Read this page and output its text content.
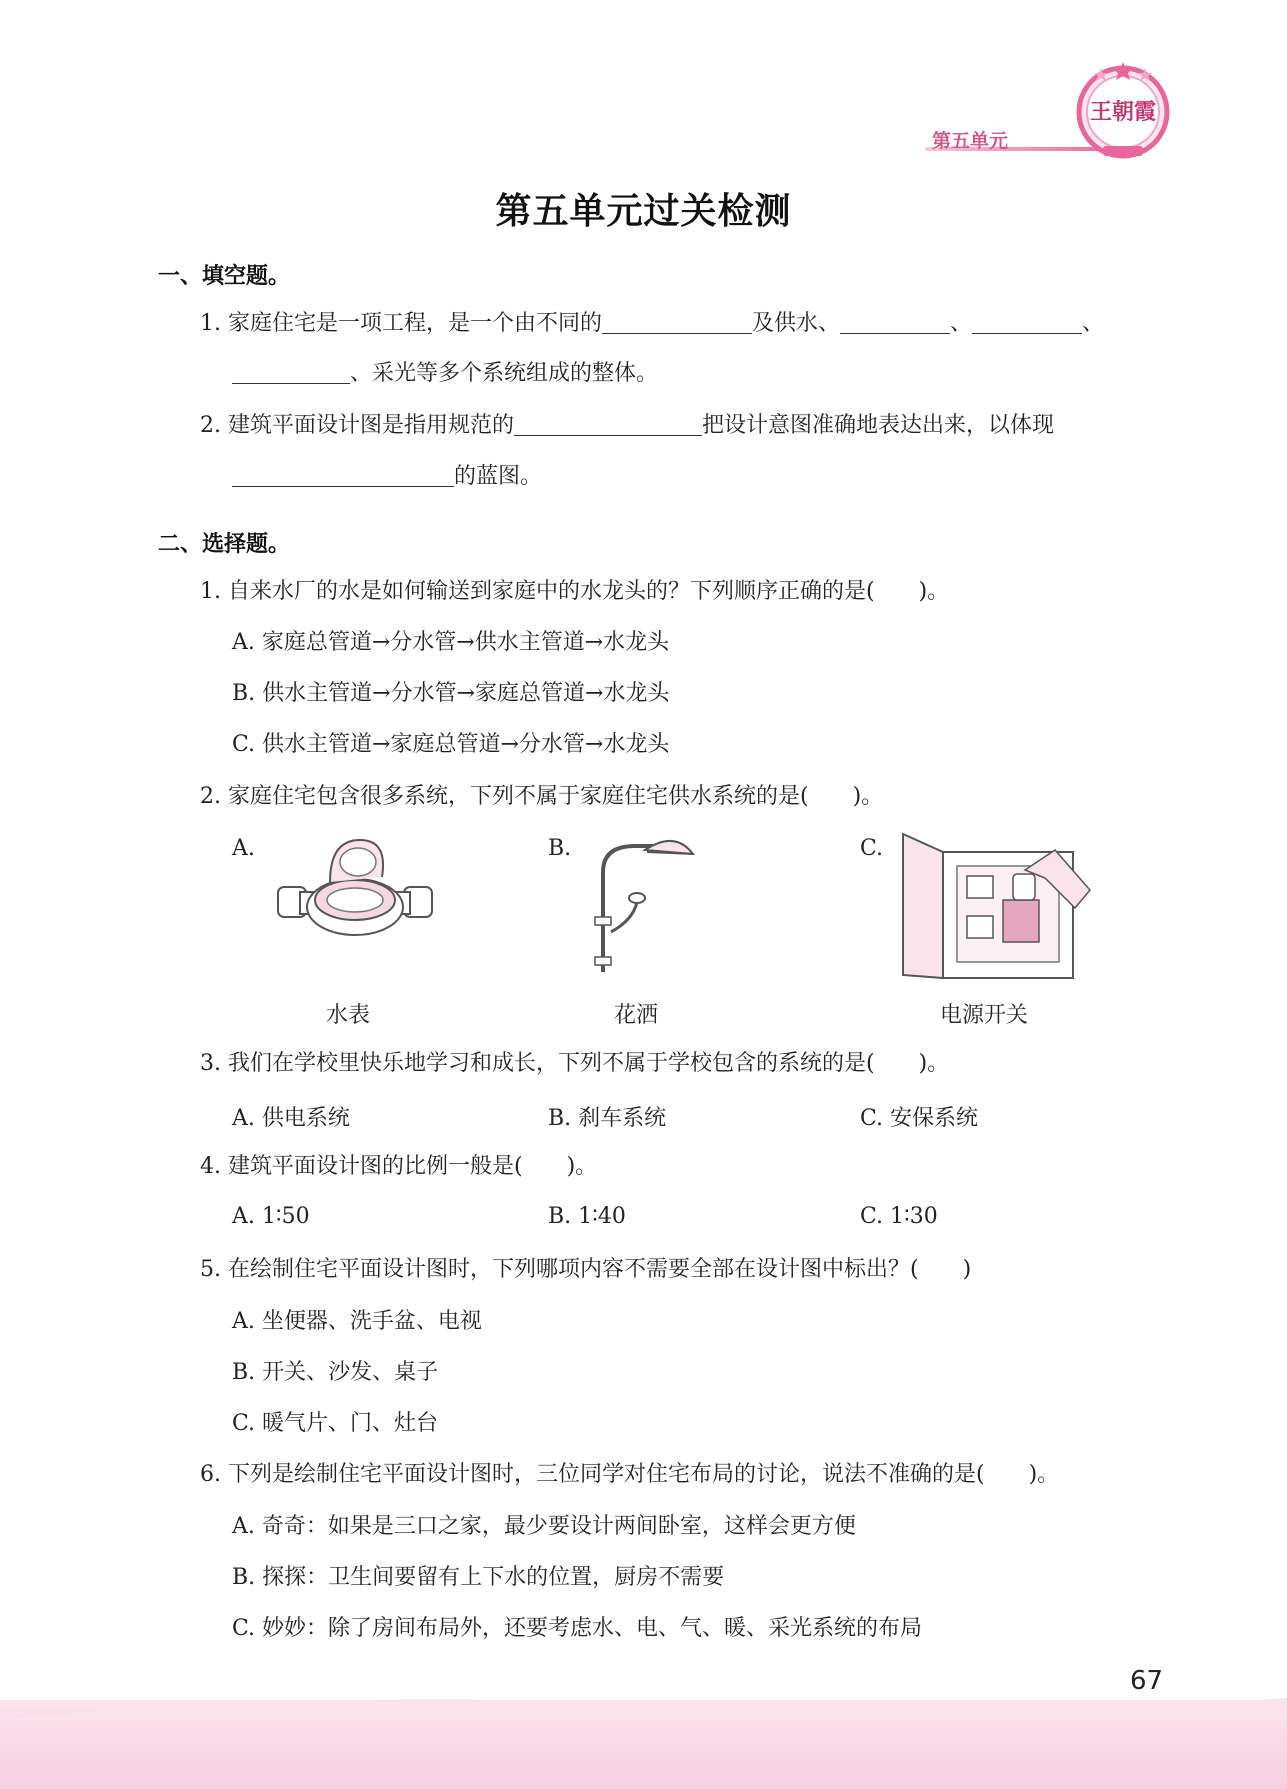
第五单元
王朝霞
第五单元过关检测
一、填空题。
1. 家庭住宅是一项工程，是一个由不同的	及供水、	、	、
、采光等多个系统组成的整体。
2. 建筑平面设计图是指用规范的	把设计意图准确地表达出来，以体现
的蓝图。
二、选择题。
1. 自来水厂的水是如何输送到家庭中的水龙头的？下列顺序正确的是(　　)。
A. 家庭总管道→分水管→供水主管道→水龙头
B. 供水主管道→分水管→家庭总管道→水龙头
C. 供水主管道→家庭总管道→分水管→水龙头
2. 家庭住宅包含很多系统，下列不属于家庭住宅供水系统的是(　　)。
A.
水表
B.
花洒
C.
电源开关
3. 我们在学校里快乐地学习和成长，下列不属于学校包含的系统的是(　　)。
A. 供电系统	B. 刹车系统	C. 安保系统
4. 建筑平面设计图的比例一般是(　　)。
A. 1∶50	B. 1∶40	C. 1∶30
5. 在绘制住宅平面设计图时，下列哪项内容不需要全部在设计图中标出？(　　)
A. 坐便器、洗手盆、电视
B. 开关、沙发、桌子
C. 暖气片、门、灶台
6. 下列是绘制住宅平面设计图时，三位同学对住宅布局的讨论，说法不准确的是(　　)。
A. 奇奇：如果是三口之家，最少要设计两间卧室，这样会更方便
B. 探探：卫生间要留有上下水的位置，厨房不需要
C. 妙妙：除了房间布局外，还要考虑水、电、气、暖、采光系统的布局
67
